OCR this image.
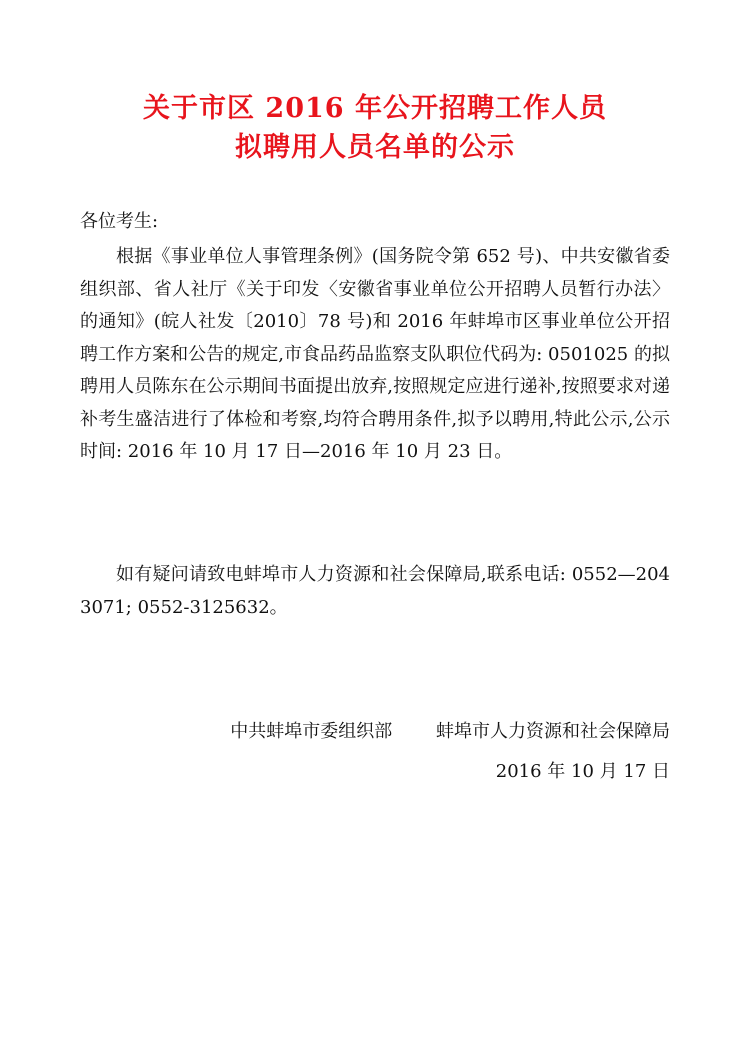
关于市区 2016 年公开招聘工作人员
拟聘用人员名单的公示
各位考生:
根据《事业单位人事管理条例》(国务院令第 652 号)、中共安徽省委组织部、省人社厅《关于印发〈安徽省事业单位公开招聘人员暂行办法〉的通知》(皖人社发〔2010〕78 号)和 2016 年蚌埠市区事业单位公开招聘工作方案和公告的规定,市食品药品监察支队职位代码为: 0501025 的拟聘用人员陈东在公示期间书面提出放弃,按照规定应进行递补,按照要求对递补考生盛洁进行了体检和考察,均符合聘用条件,拟予以聘用,特此公示,公示时间: 2016 年 10 月 17 日—2016 年 10 月 23 日。
如有疑问请致电蚌埠市人力资源和社会保障局,联系电话: 0552—2043071; 0552-3125632。
中共蚌埠市委组织部 蚌埠市人力资源和社会保障局
2016 年 10 月 17 日
